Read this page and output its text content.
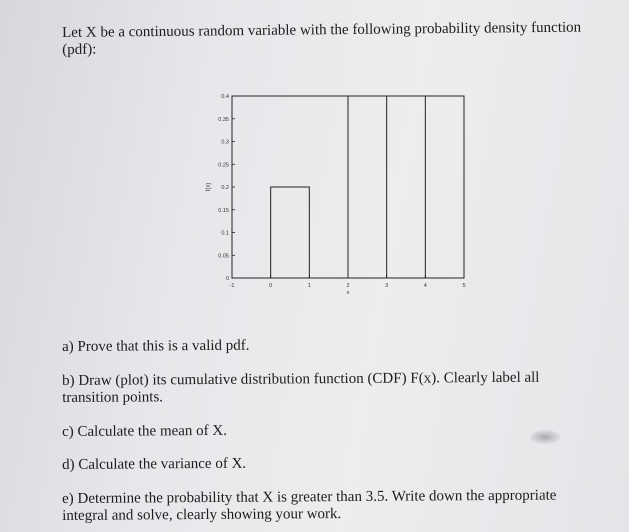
Let X be a continuous random variable with the following probability density function
(pdf):
0
0.05
0.1
0.15
0.2
0.25
0.3
0.35
0.4
-1	0	1	2	3	4	5
f(x)
x
a) Prove that this is a valid pdf.
b) Draw (plot) its cumulative distribution function (CDF) F(x). Clearly label all
transition points.
c) Calculate the mean of X.
d) Calculate the variance of X.
e) Determine the probability that X is greater than 3.5. Write down the appropriate
integral and solve, clearly showing your work.
